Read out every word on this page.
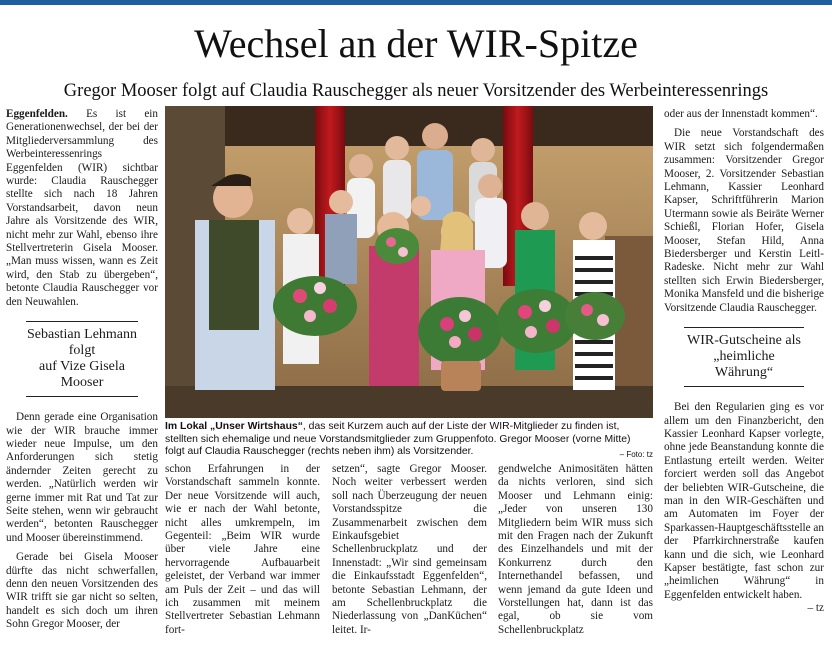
Wechsel an der WIR-Spitze
Gregor Mooser folgt auf Claudia Rauschegger als neuer Vorsitzender des Werbeinteressenrings

Eggenfelden. Es ist ein Generationenwechsel, der bei der Mitgliederversammlung des Werbeinteressenrings Eggenfelden (WIR) sichtbar wurde: Claudia Rauschegger stellte sich nach 18 Jahren Vorstandsarbeit, davon neun Jahre als Vorsitzende des WIR, nicht mehr zur Wahl, ebenso ihre Stellvertreterin Gisela Mooser. „Man muss wissen, wann es Zeit wird, den Stab zu übergeben“, betonte Claudia Rauschegger vor den Neuwahlen.

Sebastian Lehmann folgt
auf Vize Gisela Mooser

Denn gerade eine Organisation wie der WIR brauche immer wieder neue Impulse, um den Anforderungen sich stetig ändernder Zeiten gerecht zu werden. „Natürlich werden wir gerne immer mit Rat und Tat zur Seite stehen, wenn wir gebraucht werden“, betonten Rauschegger und Mooser übereinstimmend.

Gerade bei Gisela Mooser dürfte das nicht schwerfallen, denn den neuen Vorsitzenden des WIR trifft sie gar nicht so selten, handelt es sich doch um ihren Sohn Gregor Mooser, der

Im Lokal „Unser Wirtshaus“, das seit Kurzem auch auf der Liste der WIR-Mitglieder zu finden ist, stellten sich ehemalige und neue Vorstandsmitglieder zum Gruppenfoto. Gregor Mooser (vorne Mitte) folgt auf Claudia Rauschegger (rechts neben ihm) als Vorsitzender.	– Foto: tz

schon Erfahrungen in der Vorstandschaft sammeln konnte. Der neue Vorsitzende will auch, wie er nach der Wahl betonte, nicht alles umkrempeln, im Gegenteil: „Beim WIR wurde über viele Jahre eine hervorragende Aufbauarbeit geleistet, der Verband war immer am Puls der Zeit – und das will ich zusammen mit meinem Stellvertreter Sebastian Lehmann fort-

setzen“, sagte Gregor Mooser. Noch weiter verbessert werden soll nach Überzeugung der neuen Vorstandsspitze die Zusammenarbeit zwischen dem Einkaufsgebiet Schellenbruckplatz und der Innenstadt: „Wir sind gemeinsam die Einkaufsstadt Eggenfelden“, betonte Sebastian Lehmann, der am Schellenbruckplatz die Niederlassung von „DanKüchen“ leitet. Ir-

gendwelche Animositäten hätten da nichts verloren, sind sich Mooser und Lehmann einig: „Jeder von unseren 130 Mitgliedern beim WIR muss sich mit den Fragen nach der Zukunft des Einzelhandels und mit der Konkurrenz durch den Internethandel befassen, und wenn jemand da gute Ideen und Vorstellungen hat, dann ist das egal, ob sie vom Schellenbruckplatz

oder aus der Innenstadt kommen“.

Die neue Vorstandschaft des WIR setzt sich folgendermaßen zusammen: Vorsitzender Gregor Mooser, 2. Vorsitzender Sebastian Lehmann, Kassier Leonhard Kapser, Schriftführerin Marion Utermann sowie als Beiräte Werner Schießl, Florian Hofer, Gisela Mooser, Stefan Hild, Anna Biedersberger und Kerstin Leitl-Radeske. Nicht mehr zur Wahl stellten sich Erwin Biedersberger, Monika Mansfeld und die bisherige Vorsitzende Claudia Rauschegger.

WIR-Gutscheine als
„heimliche Währung“

Bei den Regularien ging es vor allem um den Finanzbericht, den Kassier Leonhard Kapser vorlegte, ohne jede Beanstandung konnte die Entlastung erteilt werden. Weiter forciert werden soll das Angebot der beliebten WIR-Gutscheine, die man in den WIR-Geschäften und am Automaten im Foyer der Sparkassen-Hauptgeschäftsstelle an der Pfarrkirchnerstraße kaufen kann und die sich, wie Leonhard Kapser bestätigte, fast schon zur „heimlichen Währung“ in Eggenfelden entwickelt haben.
– tz
